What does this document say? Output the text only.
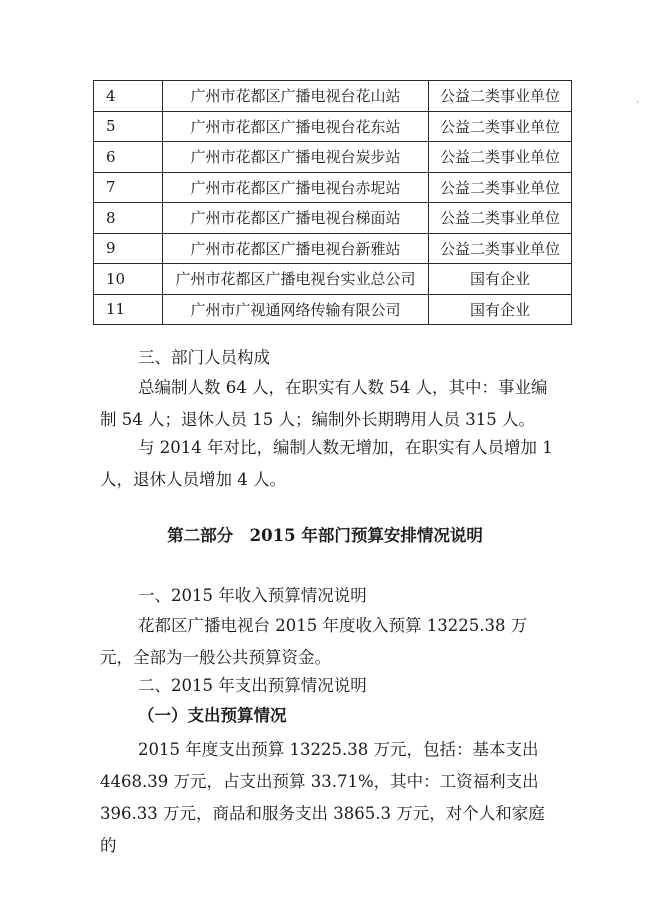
·
4	广州市花都区广播电视台花山站	公益二类事业单位
5	广州市花都区广播电视台花东站	公益二类事业单位
6	广州市花都区广播电视台炭步站	公益二类事业单位
7	广州市花都区广播电视台赤坭站	公益二类事业单位
8	广州市花都区广播电视台梯面站	公益二类事业单位
9	广州市花都区广播电视台新雅站	公益二类事业单位
10	广州市花都区广播电视台实业总公司	国有企业
11	广州市广视通网络传输有限公司	国有企业

三、部门人员构成

总编制人数 64 人，在职实有人数 54 人，其中：事业编制 54 人；退休人员 15 人；编制外长期聘用人员 315 人。

与 2014 年对比，编制人数无增加，在职实有人员增加 1 人，退休人员增加 4 人。

第二部分　2015 年部门预算安排情况说明

一、2015 年收入预算情况说明

花都区广播电视台 2015 年度收入预算 13225.38 万元，全部为一般公共预算资金。

二、2015 年支出预算情况说明

（一）支出预算情况

2015 年度支出预算 13225.38 万元，包括：基本支出 4468.39 万元，占支出预算 33.71%，其中：工资福利支出 396.33 万元，商品和服务支出 3865.3 万元，对个人和家庭的
